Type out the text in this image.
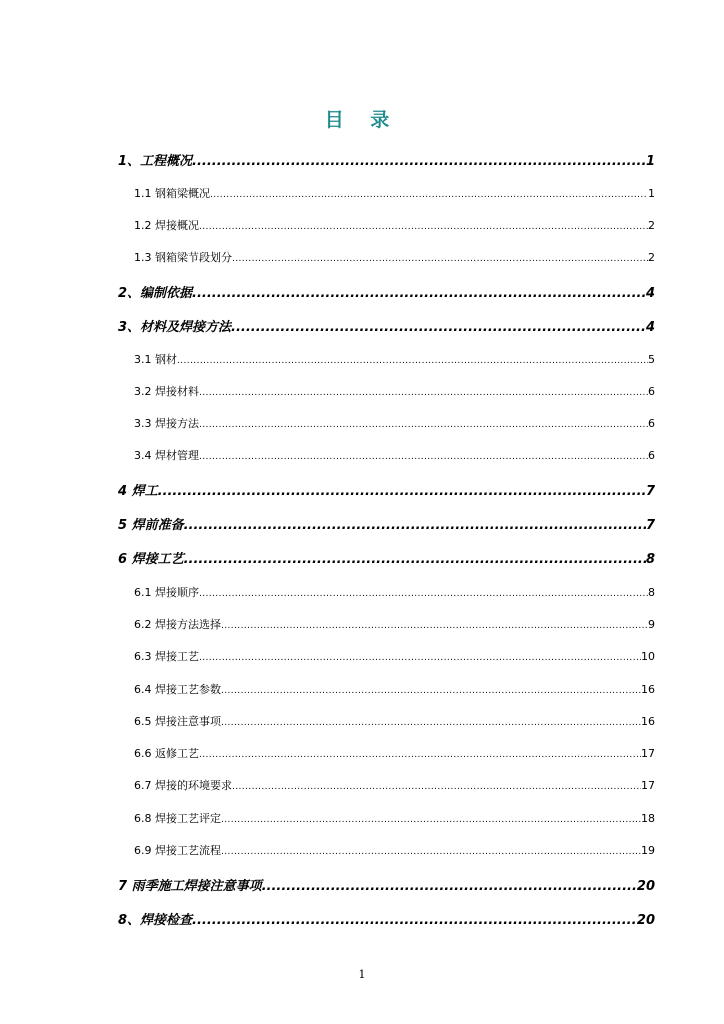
目 录
1、工程概况 .....	1
1.1 钢箱梁概况 .....	1
1.2 焊接概况 .....	2
1.3 钢箱梁节段划分 .....	2
2、编制依据 .....	4
3、材料及焊接方法 .....	4
3.1 钢材 .....	5
3.2 焊接材料 .....	6
3.3 焊接方法 .....	6
3.4 焊材管理 .....	6
4 焊工 .....	7
5 焊前准备 .....	7
6 焊接工艺 .....	8
6.1 焊接顺序 .....	8
6.2 焊接方法选择 .....	9
6.3 焊接工艺 .....	10
6.4 焊接工艺参数 .....	16
6.5 焊接注意事项 .....	16
6.6 返修工艺 .....	17
6.7 焊接的环境要求 .....	17
6.8 焊接工艺评定 .....	18
6.9 焊接工艺流程 .....	19
7 雨季施工焊接注意事项 .....	20
8、焊接检查 .....	20
1
